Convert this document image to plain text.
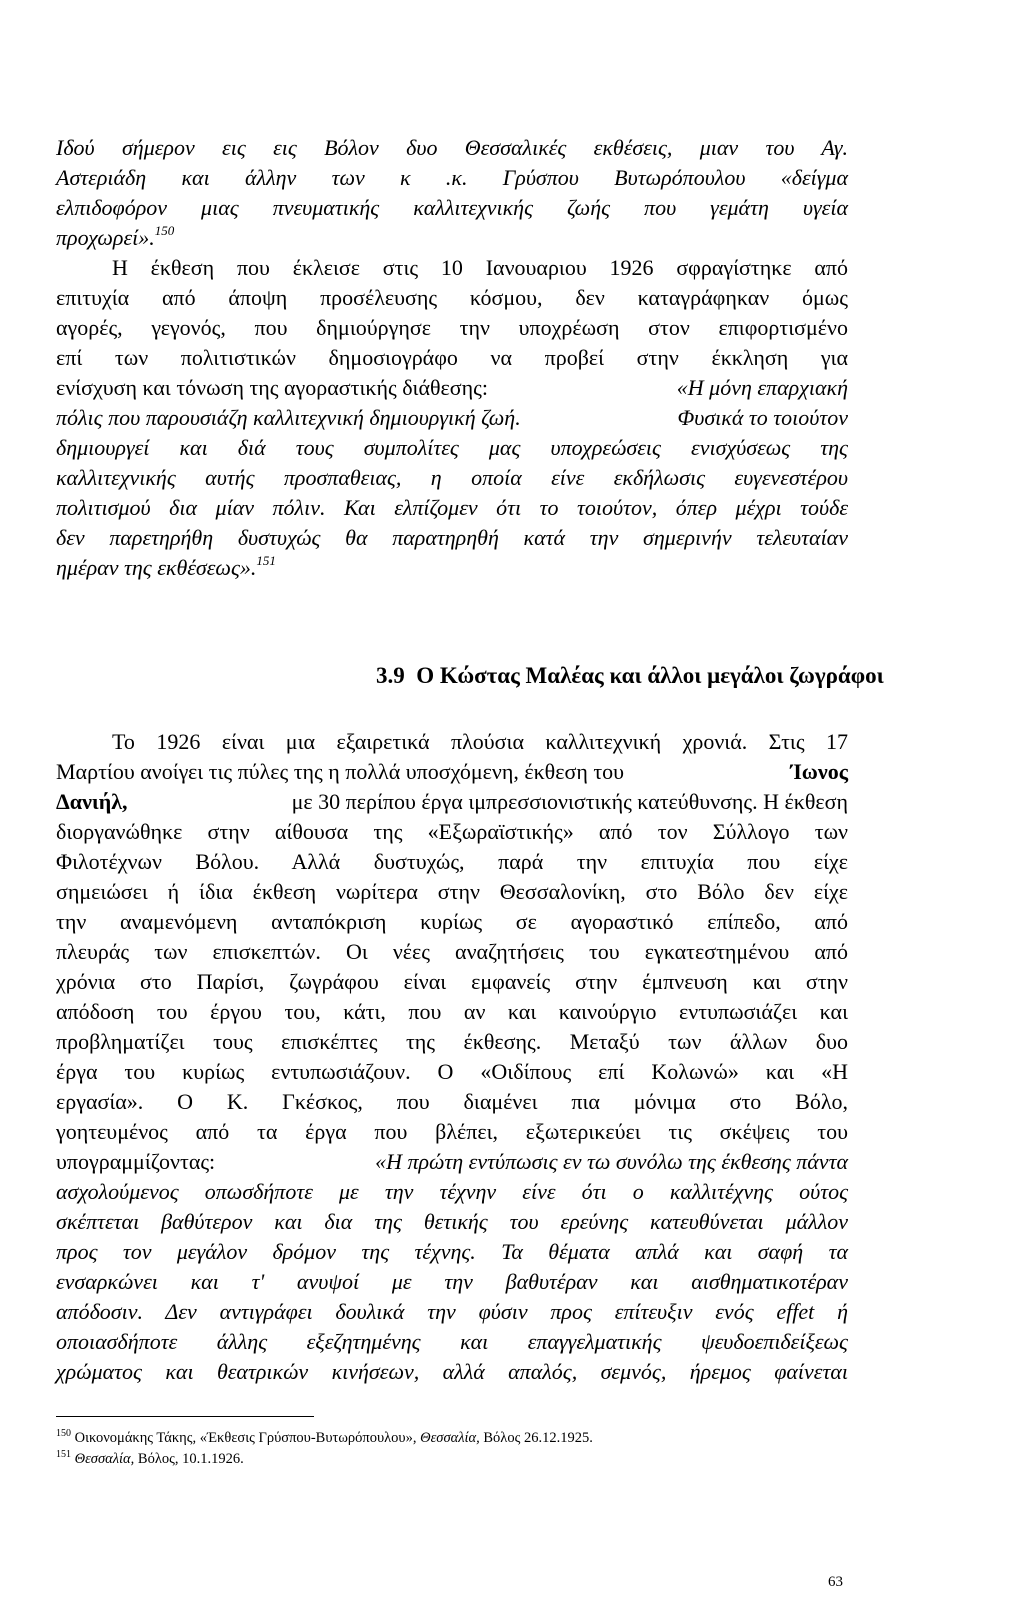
Ιδού σήμερον εις εις Βόλον δυο Θεσσαλικές εκθέσεις, μιαν του Αγ.
Αστεριάδη και άλλην των κ .κ. Γρύσπου Βυτωρόπουλου «δείγμα
ελπιδοφόρον μιας πνευματικής καλλιτεχνικής ζωής που γεμάτη υγεία
προχωρεί».$^{150}$
Η έκθεση που έκλεισε στις 10 Ιανουαριου 1926 σφραγίστηκε από
επιτυχία από άποψη προσέλευσης κόσμου, δεν καταγράφηκαν όμως
αγορές, γεγονός, που δημιούργησε την υποχρέωση στον επιφορτισμένο
επί των πολιτιστικών δημοσιογράφο να προβεί στην έκκληση για
ενίσχυση και τόνωση της αγοραστικής διάθεσης:	«Η μόνη επαρχιακή
πόλις που παρουσιάζη καλλιτεχνική δημιουργική ζωή.	Φυσικά το τοιούτον
δημιουργεί και διά τους συμπολίτες μας υποχρεώσεις ενισχύσεως της
καλλιτεχνικής αυτής προσπαθειας, η οποία είνε εκδήλωσις ευγενεστέρου
πολιτισμού δια μίαν πόλιν. Και ελπίζομεν ότι το τοιούτον, όπερ μέχρι τούδε
δεν παρετηρήθη δυστυχώς θα παρατηρηθή κατά την σημερινήν τελευταίαν
ημέραν της εκθέσεως».$^{151}$
3.9 Ο Κώστας Μαλέας και άλλοι μεγάλοι ζωγράφοι
Το 1926 είναι μια εξαιρετικά πλούσια καλλιτεχνική χρονιά. Στις 17
Μαρτίου ανοίγει τις πύλες της η πολλά υποσχόμενη, έκθεση του	Ίωνος
Δανιήλ,	με 30 περίπου έργα ιμπρεσσιονιστικής κατεύθυνσης. Η έκθεση
διοργανώθηκε στην αίθουσα της «Εξωραϊστικής» από τον Σύλλογο των
Φιλοτέχνων Βόλου. Αλλά δυστυχώς, παρά την επιτυχία που είχε
σημειώσει ή ίδια έκθεση νωρίτερα στην Θεσσαλονίκη, στο Βόλο δεν είχε
την αναμενόμενη ανταπόκριση κυρίως σε αγοραστικό επίπεδο, από
πλευράς των επισκεπτών. Οι νέες αναζητήσεις του εγκατεστημένου από
χρόνια στο Παρίσι, ζωγράφου είναι εμφανείς στην έμπνευση και στην
απόδοση του έργου του, κάτι, που αν και καινούργιο εντυπωσιάζει και
προβληματίζει τους επισκέπτες της έκθεσης. Μεταξύ των άλλων δυο
έργα του κυρίως εντυπωσιάζουν. Ο «Οιδίπους επί Κολωνώ» και «Η
εργασία». Ο Κ. Γκέσκος, που διαμένει πια μόνιμα στο Βόλο,
γοητευμένος από τα έργα που βλέπει, εξωτερικεύει τις σκέψεις του
υπογραμμίζοντας:	«Η πρώτη εντύπωσις εν τω συνόλω της έκθεσης πάντα
ασχολούμενος οπωσδήποτε με την τέχνην είνε ότι ο καλλιτέχνης ούτος
σκέπτεται βαθύτερον και δια της θετικής του ερεύνης κατευθύνεται μάλλον
προς τον μεγάλον δρόμον της τέχνης. Τα θέματα απλά και σαφή τα
ενσαρκώνει και τ' ανυψοί με την βαθυτέραν και αισθηματικοτέραν
απόδοσιν. Δεν αντιγράφει δουλικά την φύσιν προς επίτευξιν ενός effet ή
οποιασδήποτε άλλης εξεζητημένης και επαγγελματικής ψευδοεπιδείξεως
χρώματος και θεατρικών κινήσεων, αλλά απαλός, σεμνός, ήρεμος φαίνεται
$^{150}$ Οικονομάκης Τάκης, «Έκθεσις Γρύσπου-Βυτωρόπουλου», Θεσσαλία, Βόλος 26.12.1925.
$^{151}$ Θεσσαλία, Βόλος, 10.1.1926.
63
